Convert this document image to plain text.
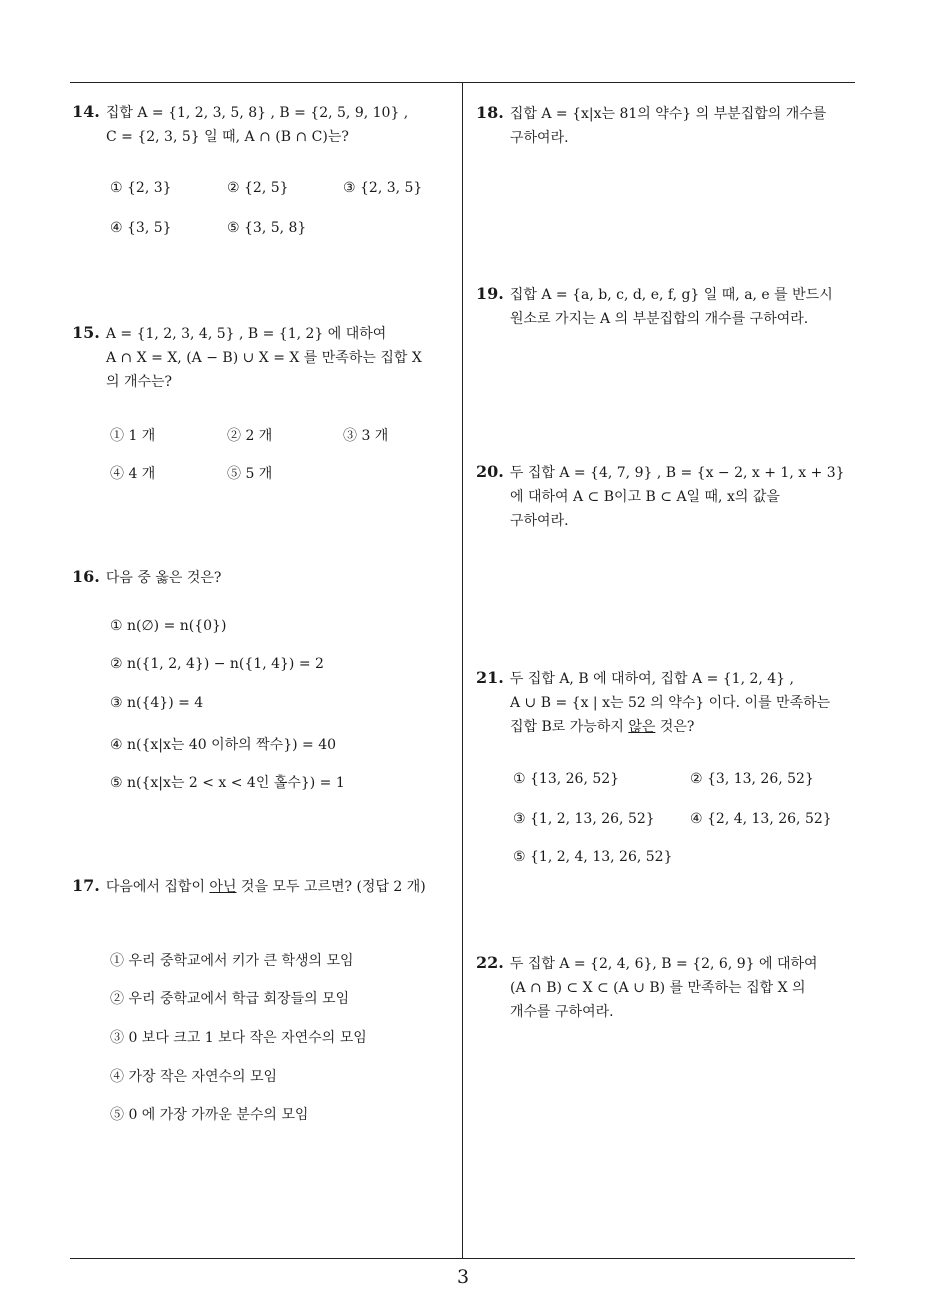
3
14. 집합 A = {1, 2, 3, 5, 8} , B = {2, 5, 9, 10} ,
C = {2, 3, 5} 일 때, A ∩ (B ∩ C)는?
① {2, 3}	② {2, 5}	③ {2, 3, 5}
④ {3, 5}	⑤ {3, 5, 8}
15. A = {1, 2, 3, 4, 5} , B = {1, 2} 에 대하여
A ∩ X = X, (A − B) ∪ X = X 를 만족하는 집합 X
의 개수는?
① 1 개	② 2 개	③ 3 개
④ 4 개	⑤ 5 개
16. 다음 중 옳은 것은?
① n(∅) = n({0})
② n({1, 2, 4}) − n({1, 4}) = 2
③ n({4}) = 4
④ n({x|x는 40 이하의 짝수}) = 40
⑤ n({x|x는 2 < x < 4인 홀수}) = 1
17. 다음에서 집합이 아닌 것을 모두 고르면? (정답 2 개)
① 우리 중학교에서 키가 큰 학생의 모임
② 우리 중학교에서 학급 회장들의 모임
③ 0 보다 크고 1 보다 작은 자연수의 모임
④ 가장 작은 자연수의 모임
⑤ 0 에 가장 가까운 분수의 모임
18. 집합 A = {x|x는 81의 약수} 의 부분집합의 개수를
구하여라.
19. 집합 A = {a, b, c, d, e, f, g} 일 때, a, e 를 반드시
원소로 가지는 A 의 부분집합의 개수를 구하여라.
20. 두 집합 A = {4, 7, 9} , B = {x − 2, x + 1, x + 3}
에 대하여 A ⊂ B이고 B ⊂ A일 때, x의 값을
구하여라.
21. 두 집합 A, B 에 대하여, 집합 A = {1, 2, 4} ,
A ∪ B = {x | x는 52 의 약수} 이다. 이를 만족하는
집합 B로 가능하지 않은 것은?
① {13, 26, 52}	② {3, 13, 26, 52}
③ {1, 2, 13, 26, 52}	④ {2, 4, 13, 26, 52}
⑤ {1, 2, 4, 13, 26, 52}
22. 두 집합 A = {2, 4, 6}, B = {2, 6, 9} 에 대하여
(A ∩ B) ⊂ X ⊂ (A ∪ B) 를 만족하는 집합 X 의
개수를 구하여라.
